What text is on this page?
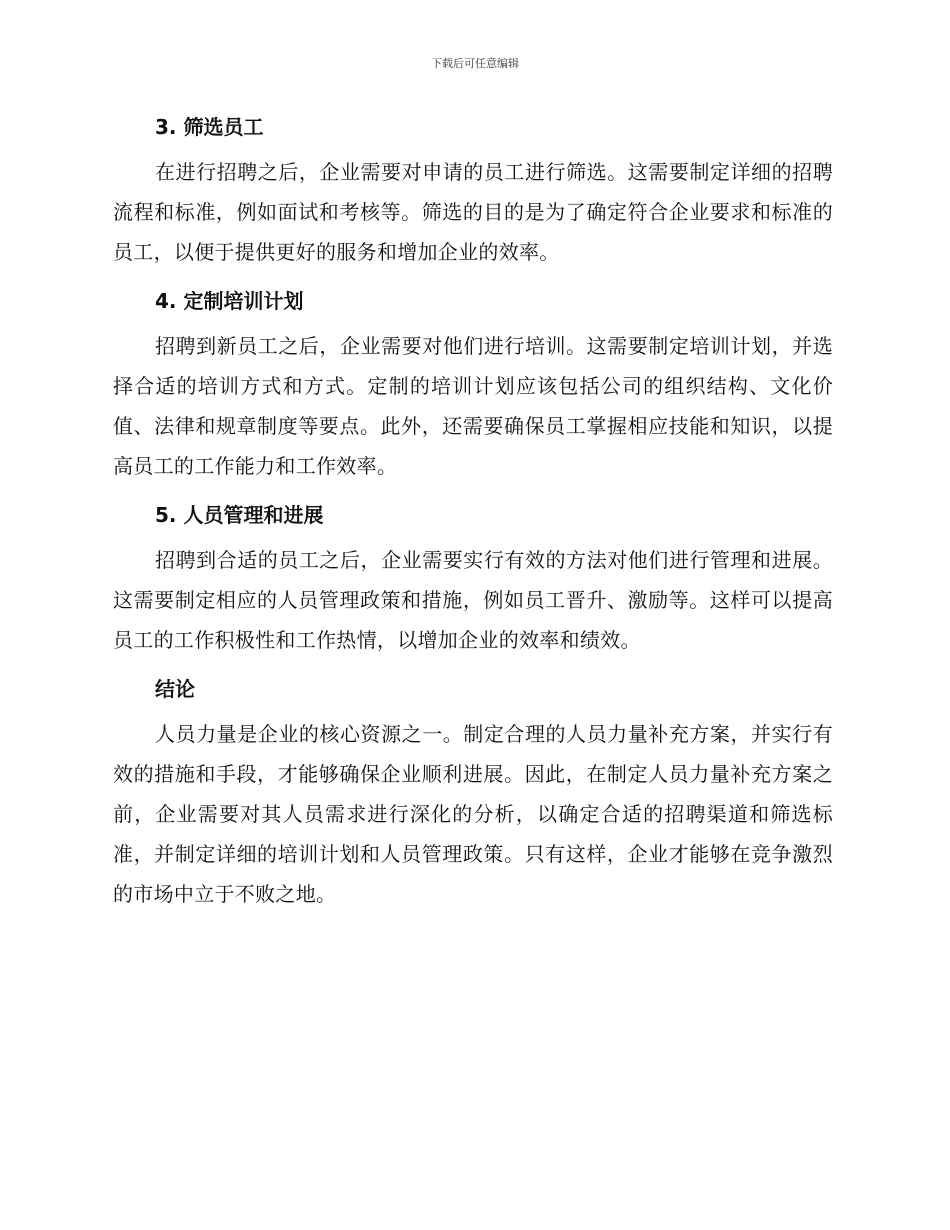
下载后可任意编辑
3. 筛选员工

在进行招聘之后，企业需要对申请的员工进行筛选。这需要制定详细的招聘流程和标准，例如面试和考核等。筛选的目的是为了确定符合企业要求和标准的员工，以便于提供更好的服务和增加企业的效率。

4. 定制培训计划

招聘到新员工之后，企业需要对他们进行培训。这需要制定培训计划，并选择合适的培训方式和方式。定制的培训计划应该包括公司的组织结构、文化价值、法律和规章制度等要点。此外，还需要确保员工掌握相应技能和知识，以提高员工的工作能力和工作效率。

5. 人员管理和进展

招聘到合适的员工之后，企业需要实行有效的方法对他们进行管理和进展。这需要制定相应的人员管理政策和措施，例如员工晋升、激励等。这样可以提高员工的工作积极性和工作热情，以增加企业的效率和绩效。

结论

人员力量是企业的核心资源之一。制定合理的人员力量补充方案，并实行有效的措施和手段，才能够确保企业顺利进展。因此，在制定人员力量补充方案之前，企业需要对其人员需求进行深化的分析，以确定合适的招聘渠道和筛选标准，并制定详细的培训计划和人员管理政策。只有这样，企业才能够在竞争激烈的市场中立于不败之地。
